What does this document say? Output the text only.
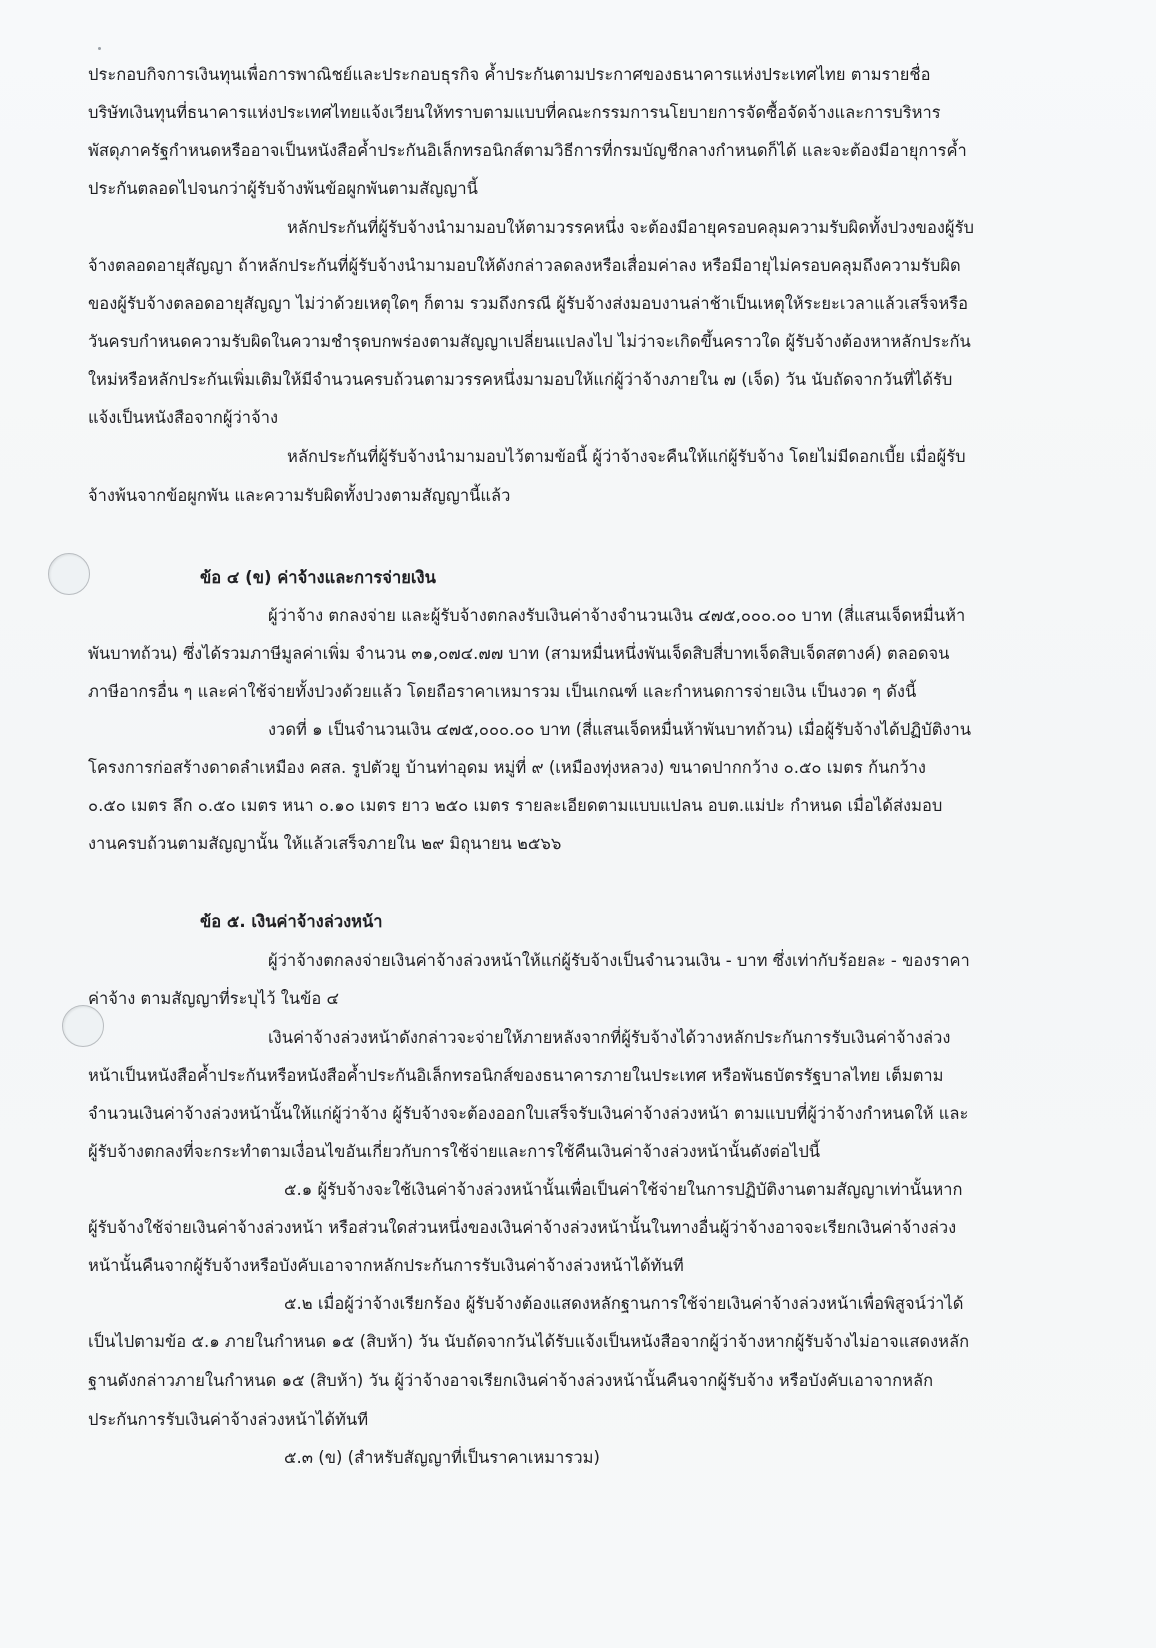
ประกอบกิจการเงินทุนเพื่อการพาณิชย์และประกอบธุรกิจ ค้ำประกันตามประกาศของธนาคารแห่งประเทศไทย ตามรายชื่อ
บริษัทเงินทุนที่ธนาคารแห่งประเทศไทยแจ้งเวียนให้ทราบตามแบบที่คณะกรรมการนโยบายการจัดซื้อจัดจ้างและการบริหาร
พัสดุภาครัฐกำหนดหรืออาจเป็นหนังสือค้ำประกันอิเล็กทรอนิกส์ตามวิธีการที่กรมบัญชีกลางกำหนดก็ได้ และจะต้องมีอายุการค้ำ
ประกันตลอดไปจนกว่าผู้รับจ้างพ้นข้อผูกพันตามสัญญานี้
หลักประกันที่ผู้รับจ้างนำมามอบให้ตามวรรคหนึ่ง จะต้องมีอายุครอบคลุมความรับผิดทั้งปวงของผู้รับ
จ้างตลอดอายุสัญญา ถ้าหลักประกันที่ผู้รับจ้างนำมามอบให้ดังกล่าวลดลงหรือเสื่อมค่าลง หรือมีอายุไม่ครอบคลุมถึงความรับผิด
ของผู้รับจ้างตลอดอายุสัญญา ไม่ว่าด้วยเหตุใดๆ ก็ตาม รวมถึงกรณี ผู้รับจ้างส่งมอบงานล่าช้าเป็นเหตุให้ระยะเวลาแล้วเสร็จหรือ
วันครบกำหนดความรับผิดในความชำรุดบกพร่องตามสัญญาเปลี่ยนแปลงไป ไม่ว่าจะเกิดขึ้นคราวใด ผู้รับจ้างต้องหาหลักประกัน
ใหม่หรือหลักประกันเพิ่มเติมให้มีจำนวนครบถ้วนตามวรรคหนึ่งมามอบให้แก่ผู้ว่าจ้างภายใน ๗ (เจ็ด) วัน นับถัดจากวันที่ได้รับ
แจ้งเป็นหนังสือจากผู้ว่าจ้าง
หลักประกันที่ผู้รับจ้างนำมามอบไว้ตามข้อนี้ ผู้ว่าจ้างจะคืนให้แก่ผู้รับจ้าง โดยไม่มีดอกเบี้ย เมื่อผู้รับ
จ้างพ้นจากข้อผูกพัน และความรับผิดทั้งปวงตามสัญญานี้แล้ว
ข้อ ๔ (ข) ค่าจ้างและการจ่ายเงิน
ผู้ว่าจ้าง ตกลงจ่าย และผู้รับจ้างตกลงรับเงินค่าจ้างจำนวนเงิน ๔๗๕,๐๐๐.๐๐ บาท (สี่แสนเจ็ดหมื่นห้า
พันบาทถ้วน) ซึ่งได้รวมภาษีมูลค่าเพิ่ม จำนวน ๓๑,๐๗๔.๗๗ บาท (สามหมื่นหนึ่งพันเจ็ดสิบสี่บาทเจ็ดสิบเจ็ดสตางค์) ตลอดจน
ภาษีอากรอื่น ๆ และค่าใช้จ่ายทั้งปวงด้วยแล้ว โดยถือราคาเหมารวม เป็นเกณฑ์ และกำหนดการจ่ายเงิน เป็นงวด ๆ ดังนี้
งวดที่ ๑ เป็นจำนวนเงิน ๔๗๕,๐๐๐.๐๐ บาท (สี่แสนเจ็ดหมื่นห้าพันบาทถ้วน) เมื่อผู้รับจ้างได้ปฏิบัติงาน
โครงการก่อสร้างดาดลำเหมือง คสล. รูปตัวยู บ้านท่าอุดม หมู่ที่ ๙ (เหมืองทุ่งหลวง) ขนาดปากกว้าง ๐.๕๐ เมตร ก้นกว้าง
๐.๕๐ เมตร ลึก ๐.๕๐ เมตร หนา ๐.๑๐ เมตร ยาว ๒๕๐ เมตร รายละเอียดตามแบบแปลน อบต.แม่ปะ กำหนด เมื่อได้ส่งมอบ
งานครบถ้วนตามสัญญานั้น ให้แล้วเสร็จภายใน ๒๙ มิถุนายน ๒๕๖๖
ข้อ ๕. เงินค่าจ้างล่วงหน้า
ผู้ว่าจ้างตกลงจ่ายเงินค่าจ้างล่วงหน้าให้แก่ผู้รับจ้างเป็นจำนวนเงิน - บาท ซึ่งเท่ากับร้อยละ - ของราคา
ค่าจ้าง ตามสัญญาที่ระบุไว้ ในข้อ ๔
เงินค่าจ้างล่วงหน้าดังกล่าวจะจ่ายให้ภายหลังจากที่ผู้รับจ้างได้วางหลักประกันการรับเงินค่าจ้างล่วง
หน้าเป็นหนังสือค้ำประกันหรือหนังสือค้ำประกันอิเล็กทรอนิกส์ของธนาคารภายในประเทศ หรือพันธบัตรรัฐบาลไทย เต็มตาม
จำนวนเงินค่าจ้างล่วงหน้านั้นให้แก่ผู้ว่าจ้าง ผู้รับจ้างจะต้องออกใบเสร็จรับเงินค่าจ้างล่วงหน้า ตามแบบที่ผู้ว่าจ้างกำหนดให้ และ
ผู้รับจ้างตกลงที่จะกระทำตามเงื่อนไขอันเกี่ยวกับการใช้จ่ายและการใช้คืนเงินค่าจ้างล่วงหน้านั้นดังต่อไปนี้
๕.๑ ผู้รับจ้างจะใช้เงินค่าจ้างล่วงหน้านั้นเพื่อเป็นค่าใช้จ่ายในการปฏิบัติงานตามสัญญาเท่านั้นหาก
ผู้รับจ้างใช้จ่ายเงินค่าจ้างล่วงหน้า หรือส่วนใดส่วนหนึ่งของเงินค่าจ้างล่วงหน้านั้นในทางอื่นผู้ว่าจ้างอาจจะเรียกเงินค่าจ้างล่วง
หน้านั้นคืนจากผู้รับจ้างหรือบังคับเอาจากหลักประกันการรับเงินค่าจ้างล่วงหน้าได้ทันที
๕.๒ เมื่อผู้ว่าจ้างเรียกร้อง ผู้รับจ้างต้องแสดงหลักฐานการใช้จ่ายเงินค่าจ้างล่วงหน้าเพื่อพิสูจน์ว่าได้
เป็นไปตามข้อ ๕.๑ ภายในกำหนด ๑๕ (สิบห้า) วัน นับถัดจากวันได้รับแจ้งเป็นหนังสือจากผู้ว่าจ้างหากผู้รับจ้างไม่อาจแสดงหลัก
ฐานดังกล่าวภายในกำหนด ๑๕ (สิบห้า) วัน ผู้ว่าจ้างอาจเรียกเงินค่าจ้างล่วงหน้านั้นคืนจากผู้รับจ้าง หรือบังคับเอาจากหลัก
ประกันการรับเงินค่าจ้างล่วงหน้าได้ทันที
๕.๓ (ข) (สำหรับสัญญาที่เป็นราคาเหมารวม)
